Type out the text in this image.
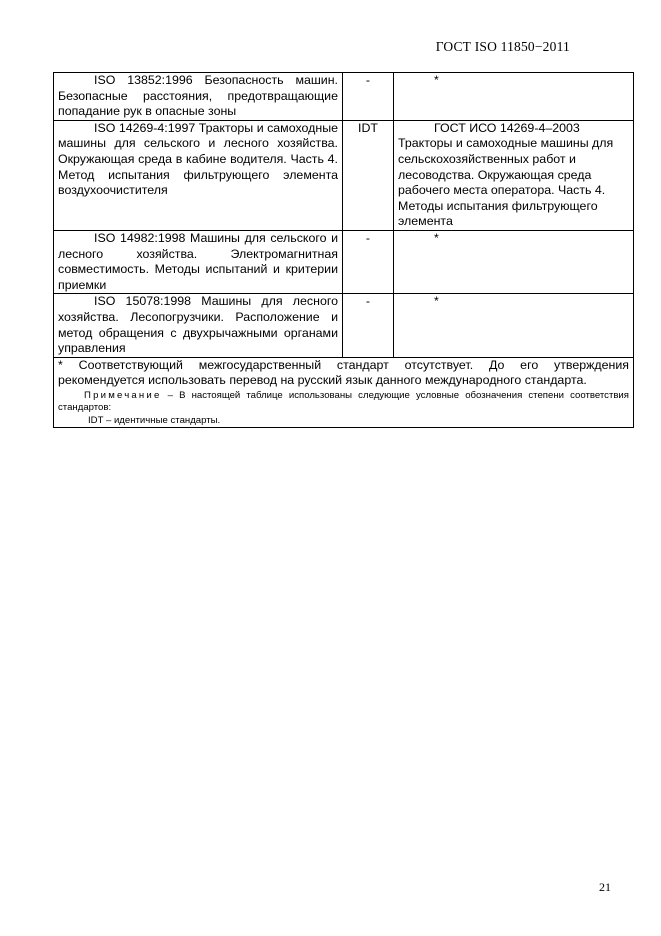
ГОСТ ISO 11850−2011
ISO 13852:1996 Безопасность машин. Безопасные расстояния, предотвращающие попадание рук в опасные зоны	-	*
ISO 14269-4:1997 Тракторы и самоходные машины для сельского и лесного хозяйства. Окружающая среда в кабине водителя. Часть 4. Метод испытания фильтрующего элемента воздухоочистителя	IDT	ГОСТ ИСО 14269-4–2003 Тракторы и самоходные машины для сельскохозяйственных работ и лесоводства. Окружающая среда рабочего места оператора. Часть 4. Методы испытания фильтрующего элемента
ISO 14982:1998 Машины для сельского и лесного хозяйства. Электромагнитная совместимость. Методы испытаний и критерии приемки	-	*
ISO 15078:1998 Машины для лесного хозяйства. Лесопогрузчики. Расположение и метод обращения с двухрычажными органами управления	-	*

* Соответствующий межгосударственный стандарт отсутствует. До его утверждения рекомендуется использовать перевод на русский язык данного международного стандарта.
Примечание – В настоящей таблице использованы следующие условные обозначения степени соответствия стандартов:
IDT – идентичные стандарты.		
21
